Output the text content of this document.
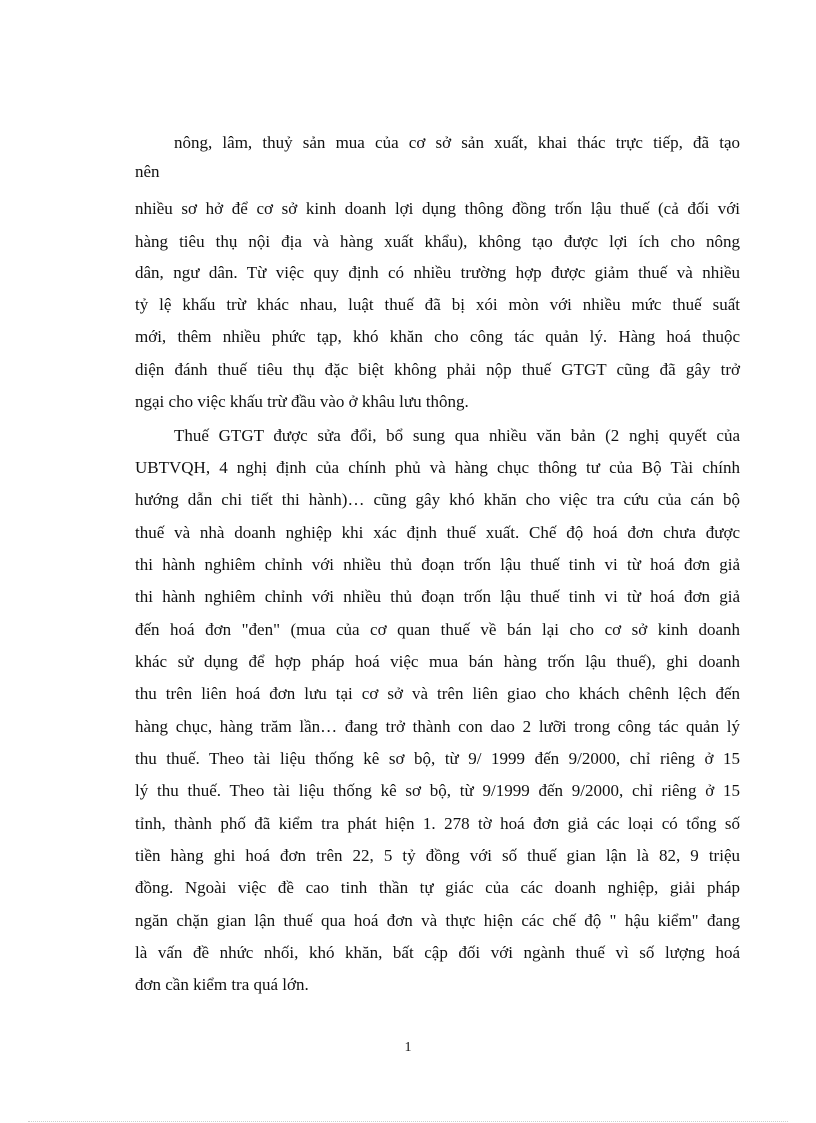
nông, lâm, thuỷ sản mua của cơ sở sản xuất, khai thác trực tiếp, đã tạo
nên
nhiều sơ hở để cơ sở kinh doanh lợi dụng thông đồng trốn lậu thuế (cả đối với
hàng tiêu thụ nội địa và hàng xuất khẩu), không tạo được lợi ích cho nông
dân, ngư dân. Từ việc quy định có nhiều trường hợp được giảm thuế và nhiều
tỷ lệ khấu trừ khác nhau, luật thuế đã bị xói mòn với nhiều mức thuế suất
mới, thêm nhiều phức tạp, khó khăn cho công tác quản lý. Hàng hoá thuộc
diện đánh thuế tiêu thụ đặc biệt không phải nộp thuế GTGT cũng đã gây trở
ngại cho việc khấu trừ đầu vào ở khâu lưu thông.
Thuế GTGT được sửa đổi, bổ sung qua nhiều văn bản (2 nghị quyết của
UBTVQH, 4 nghị định của chính phủ và hàng chục thông tư của Bộ Tài chính
hướng dẫn chi tiết thi hành)… cũng gây khó khăn cho việc tra cứu của cán bộ
thuế và nhà doanh nghiệp khi xác định thuế xuất. Chế độ hoá đơn chưa được
thi hành nghiêm chỉnh với nhiều thủ đoạn trốn lậu thuế tinh vi từ hoá đơn giả
thi hành nghiêm chỉnh với nhiều thủ đoạn trốn lậu thuế tinh vi từ hoá đơn giả
đến hoá đơn "đen" (mua của cơ quan thuế về bán lại cho cơ sở kinh doanh
khác sử dụng để hợp pháp hoá việc mua bán hàng trốn lậu thuế), ghi doanh
thu trên liên hoá đơn lưu tại cơ sở và trên liên giao cho khách chênh lệch đến
hàng chục, hàng trăm lần… đang trở thành con dao 2 lưỡi trong công tác quản lý
thu thuế. Theo tài liệu thống kê sơ bộ, từ 9/ 1999 đến 9/2000, chỉ riêng ở 15
lý thu thuế. Theo tài liệu thống kê sơ bộ, từ 9/1999 đến 9/2000, chỉ riêng ở 15
tỉnh, thành phố đã kiểm tra phát hiện 1. 278 tờ hoá đơn giả các loại có tổng số
tiền hàng ghi hoá đơn trên 22, 5 tỷ đồng với số thuế gian lận là 82, 9 triệu
đồng. Ngoài việc đề cao tinh thần tự giác của các doanh nghiệp, giải pháp
ngăn chặn gian lận thuế qua hoá đơn và thực hiện các chế độ " hậu kiểm" đang
là vấn đề nhức nhối, khó khăn, bất cập đối với ngành thuế vì số lượng hoá
đơn cần kiểm tra quá lớn.
1
